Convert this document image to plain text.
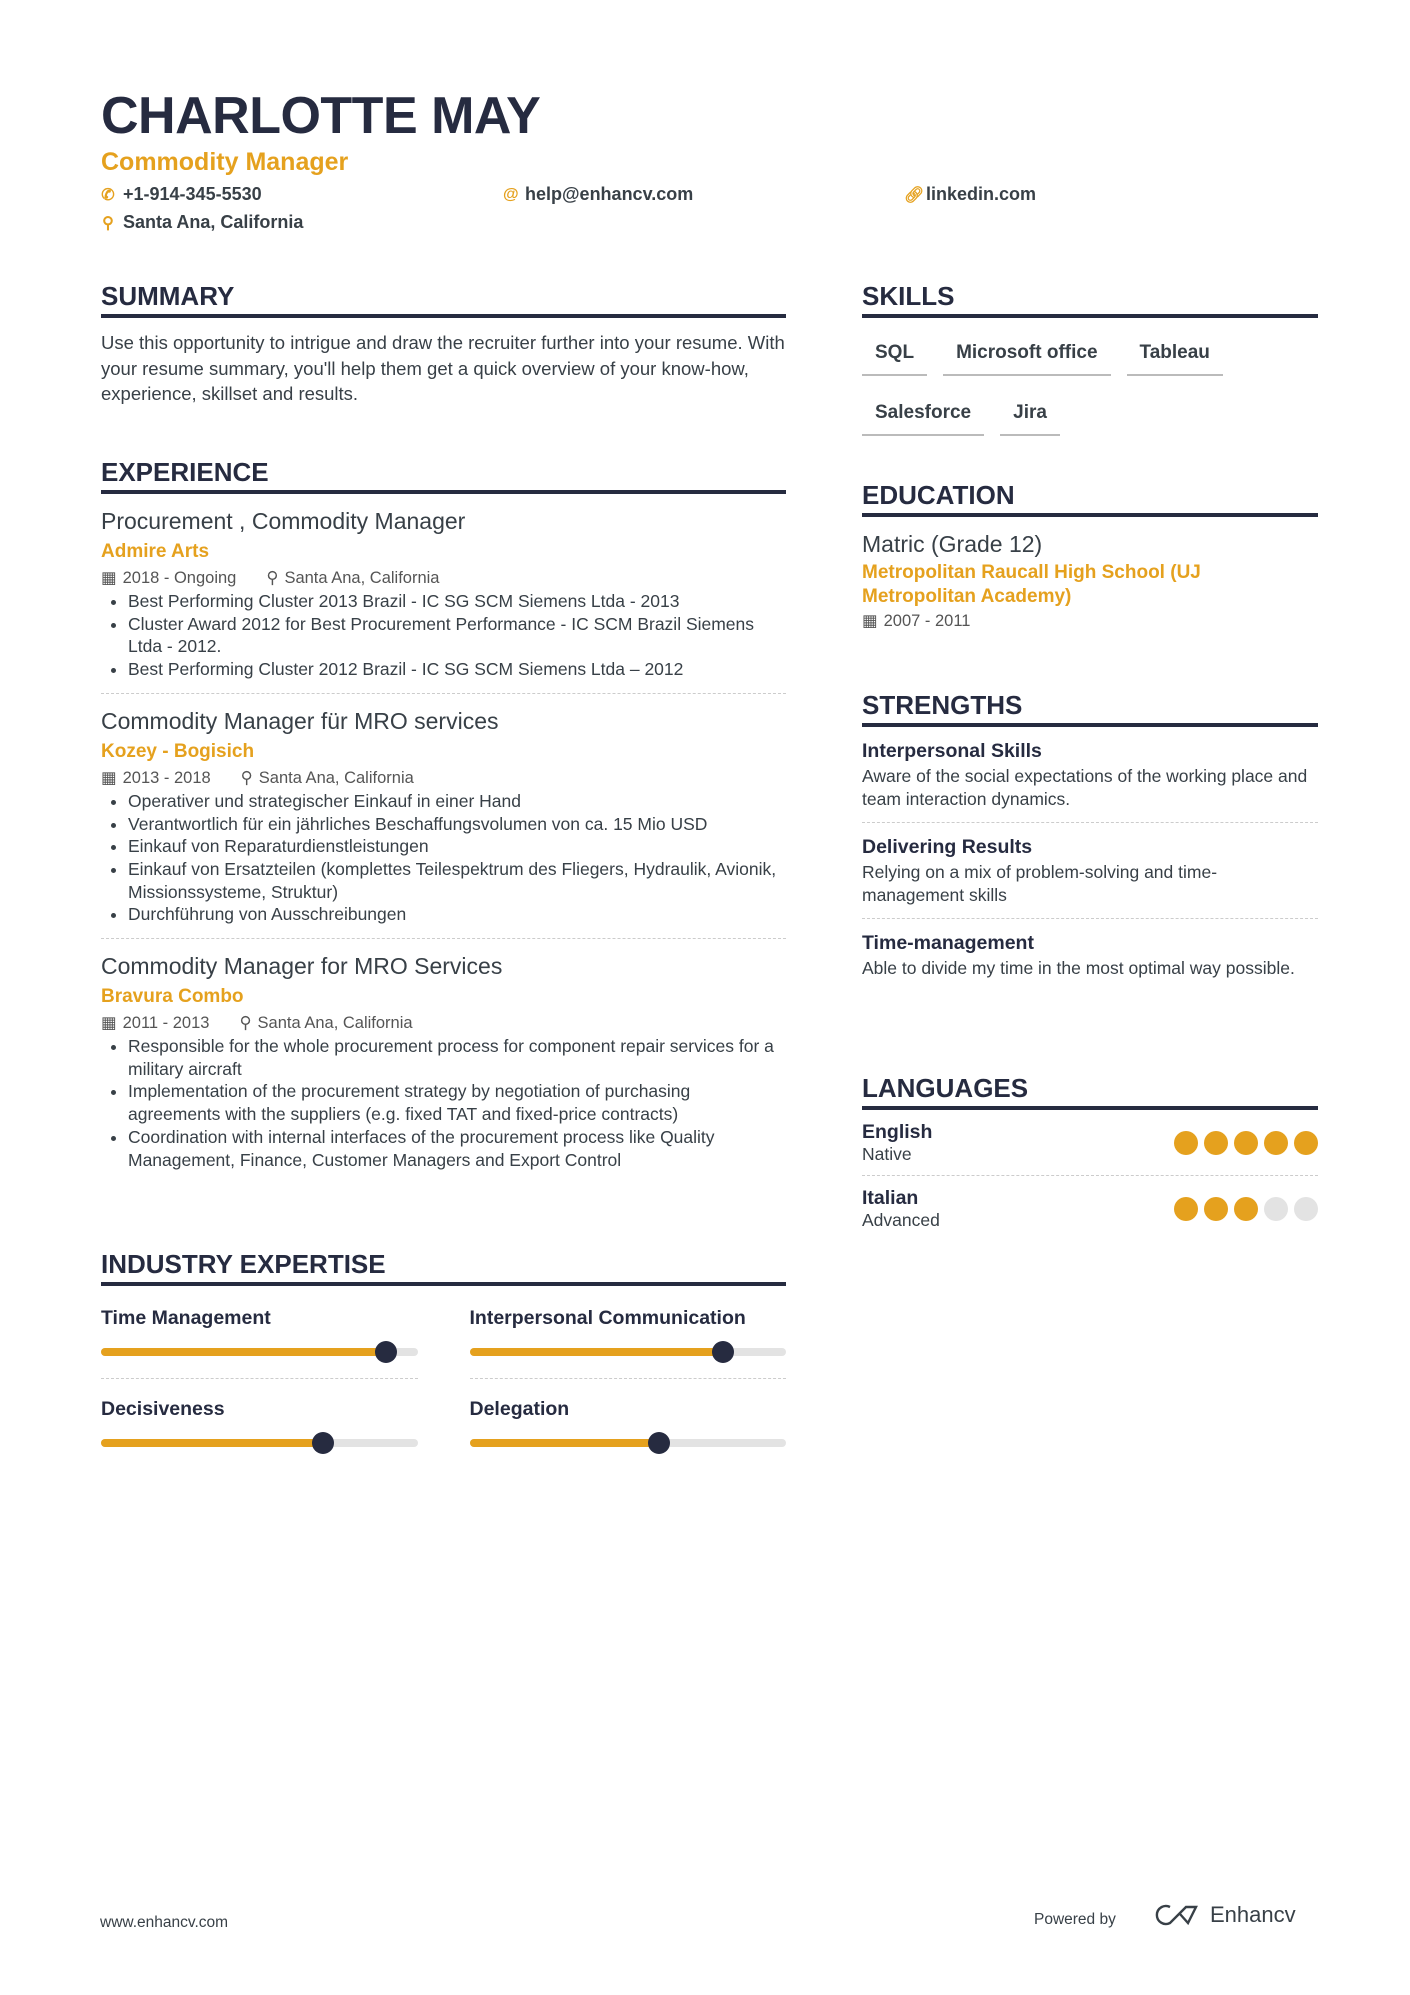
CHARLOTTE MAY
Commodity Manager
✆ +1-914-345-5530	@ help@enhancv.com	🔗︎ linkedin.com
⚲ Santa Ana, California
SUMMARY

Use this opportunity to intrigue and draw the recruiter further into your resume. With your resume summary, you'll help them get a quick overview of your know-how, experience, skillset and results.

EXPERIENCE
Procurement , Commodity Manager
Admire Arts
▦ 2018 - Ongoing ⚲ Santa Ana, California
• Best Performing Cluster 2013 Brazil - IC SG SCM Siemens Ltda - 2013
• Cluster Award 2012 for Best Procurement Performance - IC SCM Brazil Siemens Ltda - 2012.
• Best Performing Cluster 2012 Brazil - IC SG SCM Siemens Ltda – 2012
Commodity Manager für MRO services
Kozey - Bogisich
▦ 2013 - 2018 ⚲ Santa Ana, California
• Operativer und strategischer Einkauf in einer Hand
• Verantwortlich für ein jährliches Beschaffungsvolumen von ca. 15 Mio USD
• Einkauf von Reparaturdienstleistungen
• Einkauf von Ersatzteilen (komplettes Teilespektrum des Fliegers, Hydraulik, Avionik, Missionssysteme, Struktur)
• Durchführung von Ausschreibungen
Commodity Manager for MRO Services
Bravura Combo
▦ 2011 - 2013 ⚲ Santa Ana, California
• Responsible for the whole procurement process for component repair services for a military aircraft
• Implementation of the procurement strategy by negotiation of purchasing agreements with the suppliers (e.g. fixed TAT and fixed-price contracts)
• Coordination with internal interfaces of the procurement process like Quality Management, Finance, Customer Managers and Export Control
INDUSTRY EXPERTISE
Time Management	Interpersonal Communication
Decisiveness	Delegation
SKILLS
SQL	Microsoft office	Tableau
Salesforce	Jira
EDUCATION
Matric (Grade 12)
Metropolitan Raucall High School (UJ Metropolitan Academy)
▦ 2007 - 2011
STRENGTHS
Interpersonal Skills

Aware of the social expectations of the working place and team interaction dynamics.

Delivering Results

Relying on a mix of problem-solving and time-management skills

Time-management

Able to divide my time in the most optimal way possible.

LANGUAGES
English
Native
Italian
Advanced
www.enhancv.com	Powered by	Enhancv
